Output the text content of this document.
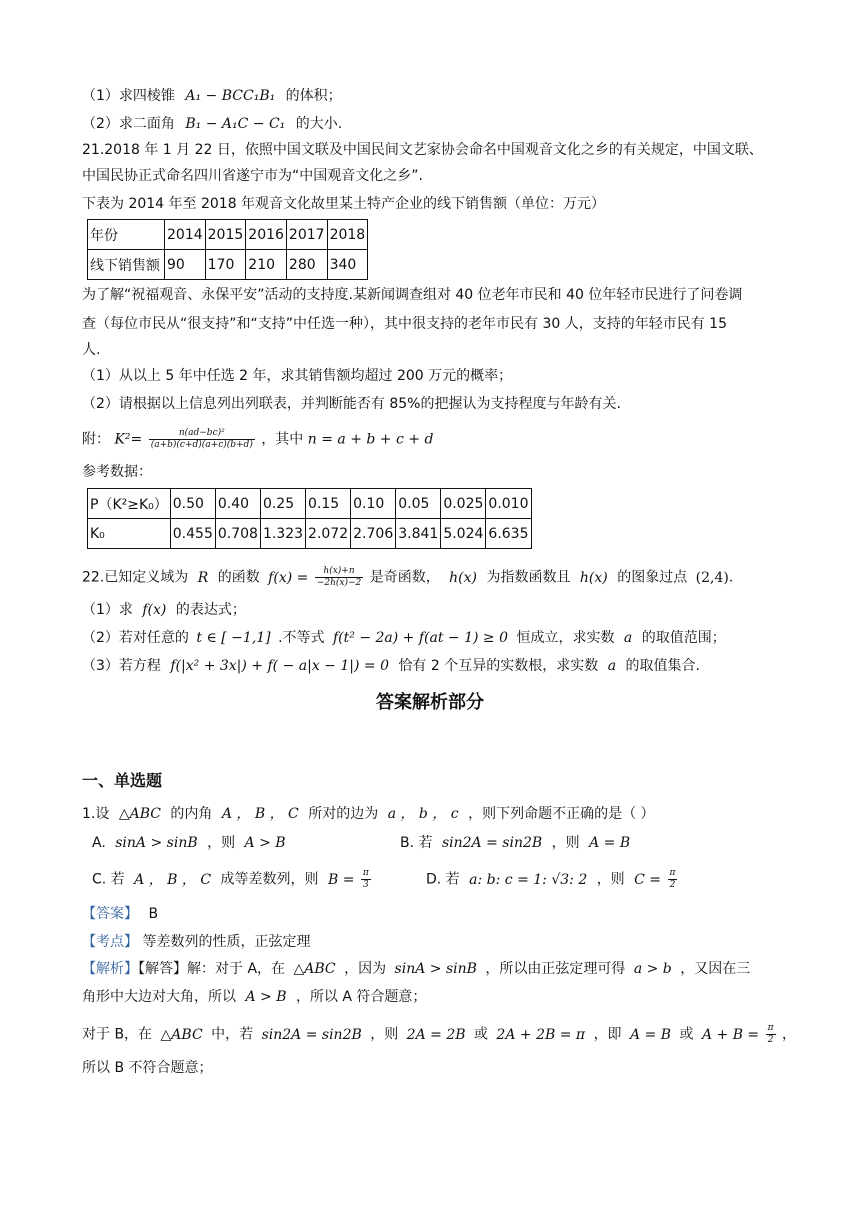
（1）求四棱锥 A₁ − BCC₁B₁ 的体积；
（2）求二面角 B₁ − A₁C − C₁ 的大小.
21.2018 年 1 月 22 日，依照中国文联及中国民间文艺家协会命名中国观音文化之乡的有关规定，中国文联、
中国民协正式命名四川省遂宁市为“中国观音文化之乡”.
下表为 2014 年至 2018 年观音文化故里某土特产企业的线下销售额（单位：万元）
年份	2014	2015	2016	2017	2018
线下销售额	90	170	210	280	340
为了解“祝福观音、永保平安”活动的支持度.某新闻调查组对 40 位老年市民和 40 位年轻市民进行了问卷调
查（每位市民从“很支持”和“支持”中任选一种），其中很支持的老年市民有 30 人，支持的年轻市民有 15
人.
（1）从以上 5 年中任选 2 年，求其销售额均超过 200 万元的概率；
（2）请根据以上信息列出列联表，并判断能否有 85%的把握认为支持程度与年龄有关.
附： $K^2= \frac{\text{n(ad−bc)²}}{(a+b)(c+d)(a+c)(b+d)}$ ，其中 n = a + b + c + d
参考数据：
P（K²≥K₀）	0.50	0.40	0.25	0.15	0.10	0.05	0.025	0.010
K₀	0.455	0.708	1.323	2.072	2.706	3.841	5.024	6.635
22.已知定义域为 R 的函数 $f(x) = \frac{\text{ℎ(x)+n}}{\text{−2ℎ(x)−2}}$ 是奇函数， ℎ(x) 为指数函数且 ℎ(x) 的图象过点 (2,4).
（1）求 f(x) 的表达式；
（2）若对任意的 t ∈ [ −1,1] .不等式 f(t² − 2a) + f(at − 1) ≥ 0 恒成立，求实数 a 的取值范围；
（3）若方程 f(|x² + 3x|) + f( − a|x − 1|) = 0 恰有 2 个互异的实数根，求实数 a 的取值集合.
答案解析部分
一、单选题
1.设 △ABC 的内角 A ， B ， C 所对的边为 a ， b ， c ，则下列命题不正确的是（ ）
A. sinA > sinB ，则 A > B	B. 若 sin2A = sin2B ，则 A = B
C. 若 A ， B ， C 成等差数列，则 $B = \frac{\pi}{3}$	D. 若 a: b: c = 1: √3: 2 ，则 $C = \frac{\pi}{2}$
【答案】 B
【考点】 等差数列的性质，正弦定理
【解析】【解答】解：对于 A，在 △ABC ，因为 sinA > sinB ，所以由正弦定理可得 a > b ，又因在三
角形中大边对大角，所以 A > B ，所以 A 符合题意；
对于 B，在 △ABC 中，若 sin2A = sin2B ，则 2A = 2B 或 2A + 2B = π ，即 A = B 或 $A + B = \frac{\pi}{2}$ ，
所以 B 不符合题意；
